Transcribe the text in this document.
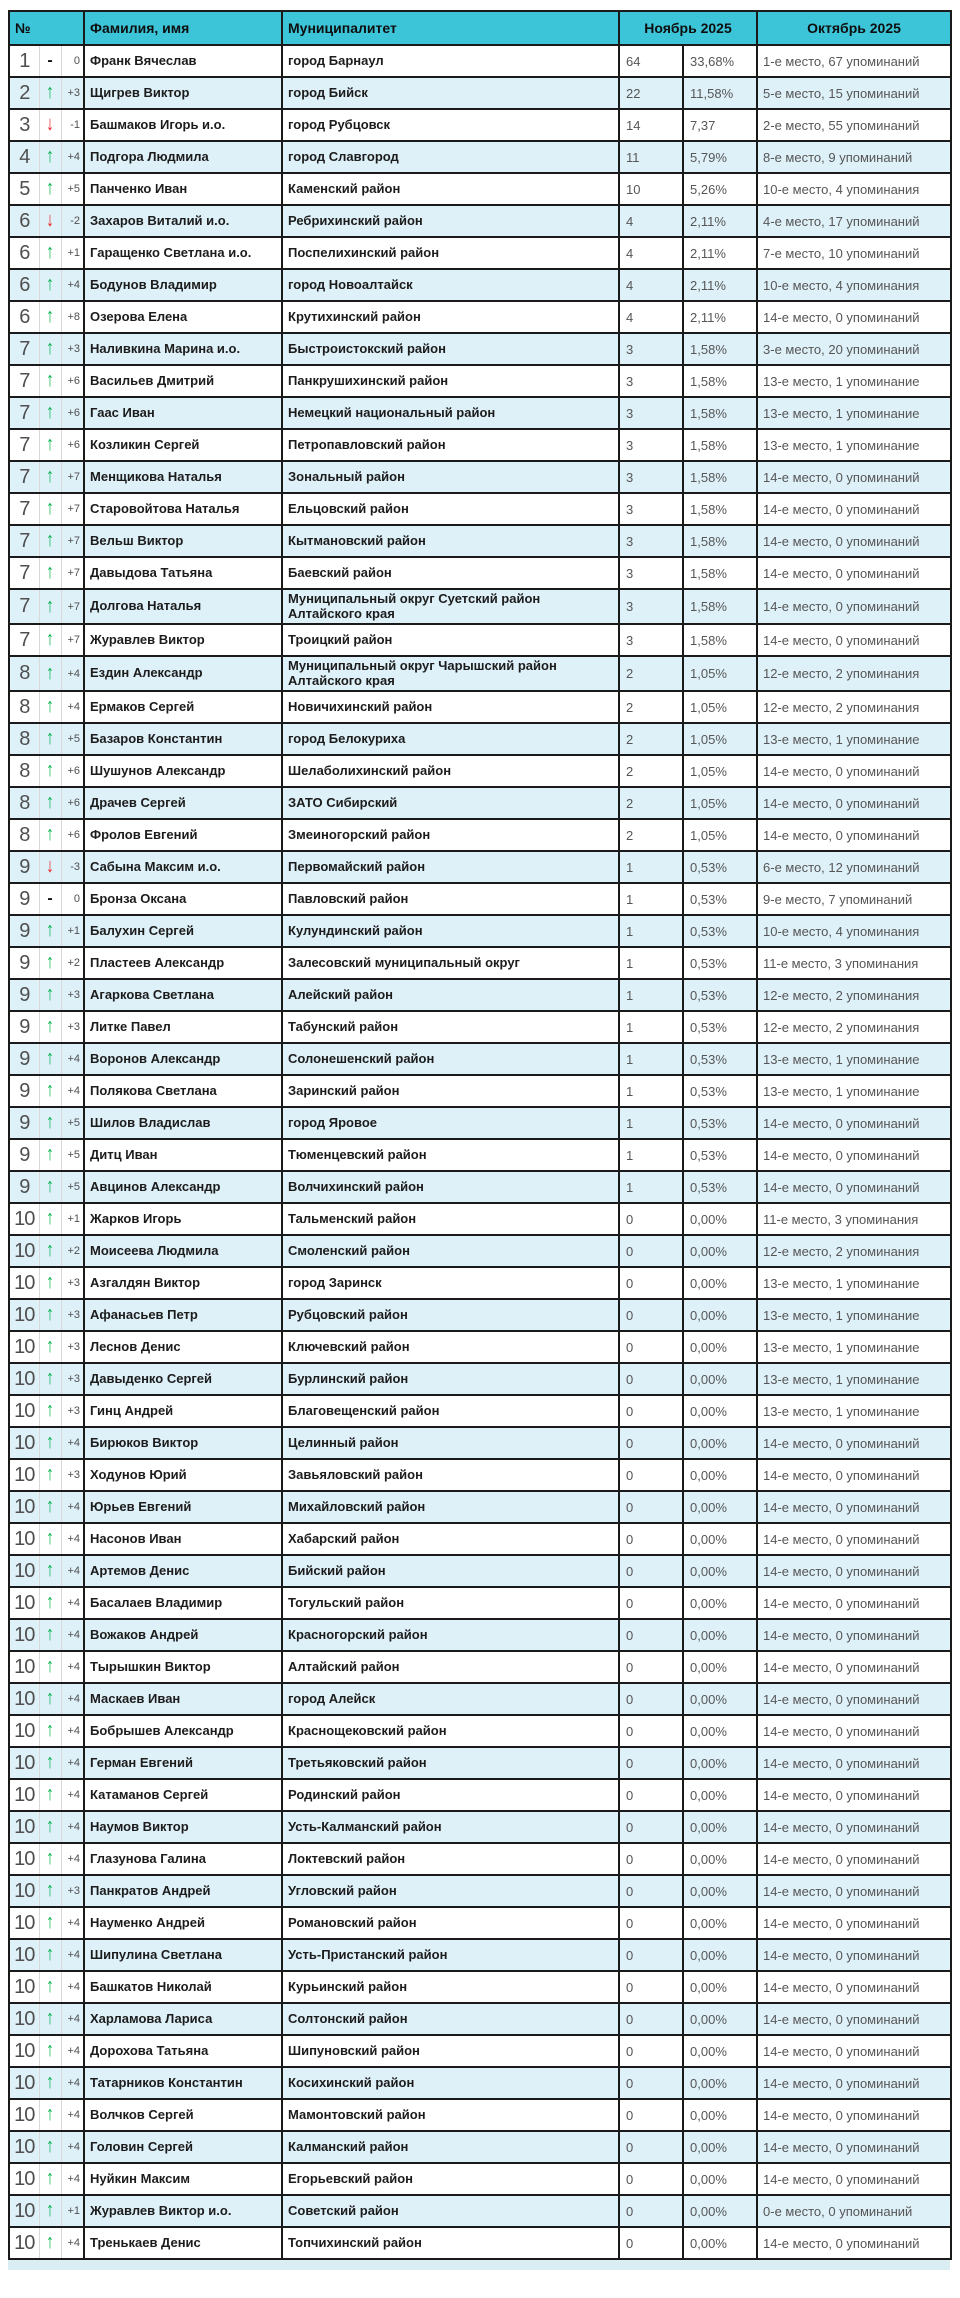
№			Фамилия, имя	Муниципалитет	Ноябрь 2025		Октябрь 2025
1	-	0	Франк Вячеслав	город Барнаул	64	33,68%	1-е место, 67 упоминаний
2	↑	+3	Щигрев Виктор	город Бийск	22	11,58%	5-е место, 15 упоминаний
3	↓	-1	Башмаков Игорь и.о.	город Рубцовск	14	7,37	2-е место, 55 упоминаний
4	↑	+4	Подгора Людмила	город Славгород	11	5,79%	8-е место, 9 упоминаний
5	↑	+5	Панченко Иван	Каменский район	10	5,26%	10-е место, 4 упоминания
6	↓	-2	Захаров Виталий и.о.	Ребрихинский район	4	2,11%	4-е место, 17 упоминаний
6	↑	+1	Гаращенко Светлана и.о.	Поспелихинский район	4	2,11%	7-е место, 10 упоминаний
6	↑	+4	Бодунов Владимир	город Новоалтайск	4	2,11%	10-е место, 4 упоминания
6	↑	+8	Озерова Елена	Крутихинский район	4	2,11%	14-е место, 0 упоминаний
7	↑	+3	Наливкина Марина и.о.	Быстроистокский район	3	1,58%	3-е место, 20 упоминаний
7	↑	+6	Васильев Дмитрий	Панкрушихинский район	3	1,58%	13-е место, 1 упоминание
7	↑	+6	Гаас Иван	Немецкий национальный район	3	1,58%	13-е место, 1 упоминание
7	↑	+6	Козликин Сергей	Петропавловский район	3	1,58%	13-е место, 1 упоминание
7	↑	+7	Менщикова Наталья	Зональный район	3	1,58%	14-е место, 0 упоминаний
7	↑	+7	Старовойтова Наталья	Ельцовский район	3	1,58%	14-е место, 0 упоминаний
7	↑	+7	Вельш Виктор	Кытмановский район	3	1,58%	14-е место, 0 упоминаний
7	↑	+7	Давыдова Татьяна	Баевский район	3	1,58%	14-е место, 0 упоминаний
7	↑	+7	Долгова Наталья	Муниципальный округ Суетский район Алтайского края	3	1,58%	14-е место, 0 упоминаний
7	↑	+7	Журавлев Виктор	Троицкий район	3	1,58%	14-е место, 0 упоминаний
8	↑	+4	Ездин Александр	Муниципальный округ Чарышский район Алтайского края	2	1,05%	12-е место, 2 упоминания
8	↑	+4	Ермаков Сергей	Новичихинский район	2	1,05%	12-е место, 2 упоминания
8	↑	+5	Базаров Константин	город Белокуриха	2	1,05%	13-е место, 1 упоминание
8	↑	+6	Шушунов Александр	Шелаболихинский район	2	1,05%	14-е место, 0 упоминаний
8	↑	+6	Драчев Сергей	ЗАТО Сибирский	2	1,05%	14-е место, 0 упоминаний
8	↑	+6	Фролов Евгений	Змеиногорский район	2	1,05%	14-е место, 0 упоминаний
9	↓	-3	Сабына Максим и.о.	Первомайский район	1	0,53%	6-е место, 12 упоминаний
9	-	0	Бронза Оксана	Павловский район	1	0,53%	9-е место, 7 упоминаний
9	↑	+1	Балухин Сергей	Кулундинский район	1	0,53%	10-е место, 4 упоминания
9	↑	+2	Пластеев Александр	Залесовский муниципальный округ	1	0,53%	11-е место, 3 упоминания
9	↑	+3	Агаркова Светлана	Алейский район	1	0,53%	12-е место, 2 упоминания
9	↑	+3	Литке Павел	Табунский район	1	0,53%	12-е место, 2 упоминания
9	↑	+4	Воронов Александр	Солонешенский район	1	0,53%	13-е место, 1 упоминание
9	↑	+4	Полякова Светлана	Заринский район	1	0,53%	13-е место, 1 упоминание
9	↑	+5	Шилов Владислав	город Яровое	1	0,53%	14-е место, 0 упоминаний
9	↑	+5	Дитц Иван	Тюменцевский район	1	0,53%	14-е место, 0 упоминаний
9	↑	+5	Авцинов Александр	Волчихинский район	1	0,53%	14-е место, 0 упоминаний
10	↑	+1	Жарков Игорь	Тальменский район	0	0,00%	11-е место, 3 упоминания
10	↑	+2	Моисеева Людмила	Смоленский район	0	0,00%	12-е место, 2 упоминания
10	↑	+3	Азгалдян Виктор	город Заринск	0	0,00%	13-е место, 1 упоминание
10	↑	+3	Афанасьев Петр	Рубцовский район	0	0,00%	13-е место, 1 упоминание
10	↑	+3	Леснов Денис	Ключевский район	0	0,00%	13-е место, 1 упоминание
10	↑	+3	Давыденко Сергей	Бурлинский район	0	0,00%	13-е место, 1 упоминание
10	↑	+3	Гинц Андрей	Благовещенский район	0	0,00%	13-е место, 1 упоминание
10	↑	+4	Бирюков Виктор	Целинный район	0	0,00%	14-е место, 0 упоминаний
10	↑	+3	Ходунов Юрий	Завьяловский район	0	0,00%	14-е место, 0 упоминаний
10	↑	+4	Юрьев Евгений	Михайловский район	0	0,00%	14-е место, 0 упоминаний
10	↑	+4	Насонов Иван	Хабарский район	0	0,00%	14-е место, 0 упоминаний
10	↑	+4	Артемов Денис	Бийский район	0	0,00%	14-е место, 0 упоминаний
10	↑	+4	Басалаев Владимир	Тогульский район	0	0,00%	14-е место, 0 упоминаний
10	↑	+4	Вожаков Андрей	Красногорский район	0	0,00%	14-е место, 0 упоминаний
10	↑	+4	Тырышкин Виктор	Алтайский район	0	0,00%	14-е место, 0 упоминаний
10	↑	+4	Маскаев Иван	город Алейск	0	0,00%	14-е место, 0 упоминаний
10	↑	+4	Бобрышев Александр	Краснощековский район	0	0,00%	14-е место, 0 упоминаний
10	↑	+4	Герман Евгений	Третьяковский район	0	0,00%	14-е место, 0 упоминаний
10	↑	+4	Катаманов Сергей	Родинский район	0	0,00%	14-е место, 0 упоминаний
10	↑	+4	Наумов Виктор	Усть-Калманский район	0	0,00%	14-е место, 0 упоминаний
10	↑	+4	Глазунова Галина	Локтевский район	0	0,00%	14-е место, 0 упоминаний
10	↑	+3	Панкратов Андрей	Угловский район	0	0,00%	14-е место, 0 упоминаний
10	↑	+4	Науменко Андрей	Романовский район	0	0,00%	14-е место, 0 упоминаний
10	↑	+4	Шипулина Светлана	Усть-Пристанский район	0	0,00%	14-е место, 0 упоминаний
10	↑	+4	Башкатов Николай	Курьинский район	0	0,00%	14-е место, 0 упоминаний
10	↑	+4	Харламова Лариса	Солтонский район	0	0,00%	14-е место, 0 упоминаний
10	↑	+4	Дорохова Татьяна	Шипуновский район	0	0,00%	14-е место, 0 упоминаний
10	↑	+4	Татарников Константин	Косихинский район	0	0,00%	14-е место, 0 упоминаний
10	↑	+4	Волчков Сергей	Мамонтовский район	0	0,00%	14-е место, 0 упоминаний
10	↑	+4	Головин Сергей	Калманский район	0	0,00%	14-е место, 0 упоминаний
10	↑	+4	Нуйкин Максим	Егорьевский район	0	0,00%	14-е место, 0 упоминаний
10	↑	+1	Журавлев Виктор и.о.	Советский район	0	0,00%	0-е место, 0 упоминаний
10	↑	+4	Тренькаев Денис	Топчихинский район	0	0,00%	14-е место, 0 упоминаний
